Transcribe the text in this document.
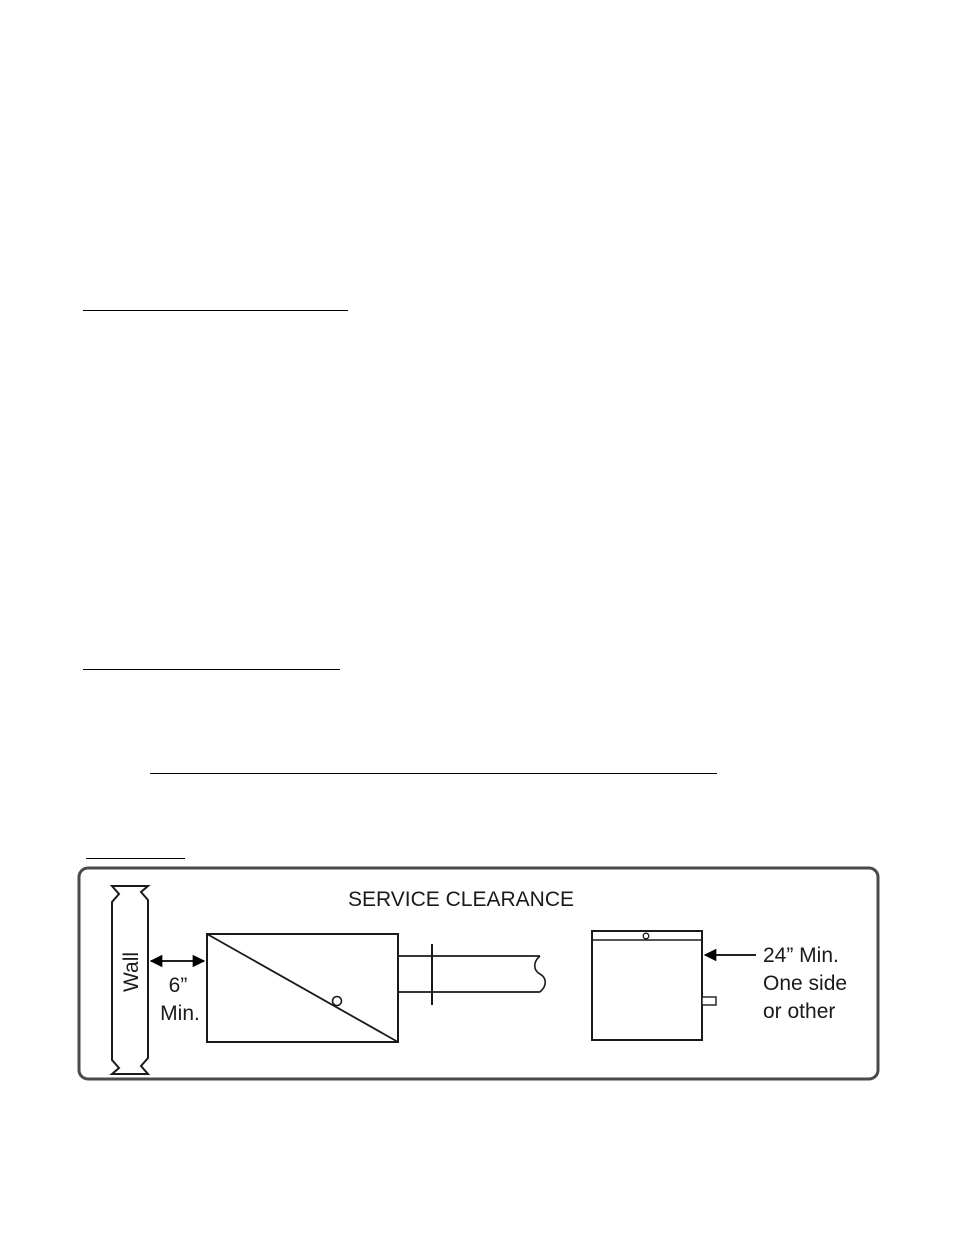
SERVICE CLEARANCE
Wall 6”
Min.
24” Min.
One side
or other
